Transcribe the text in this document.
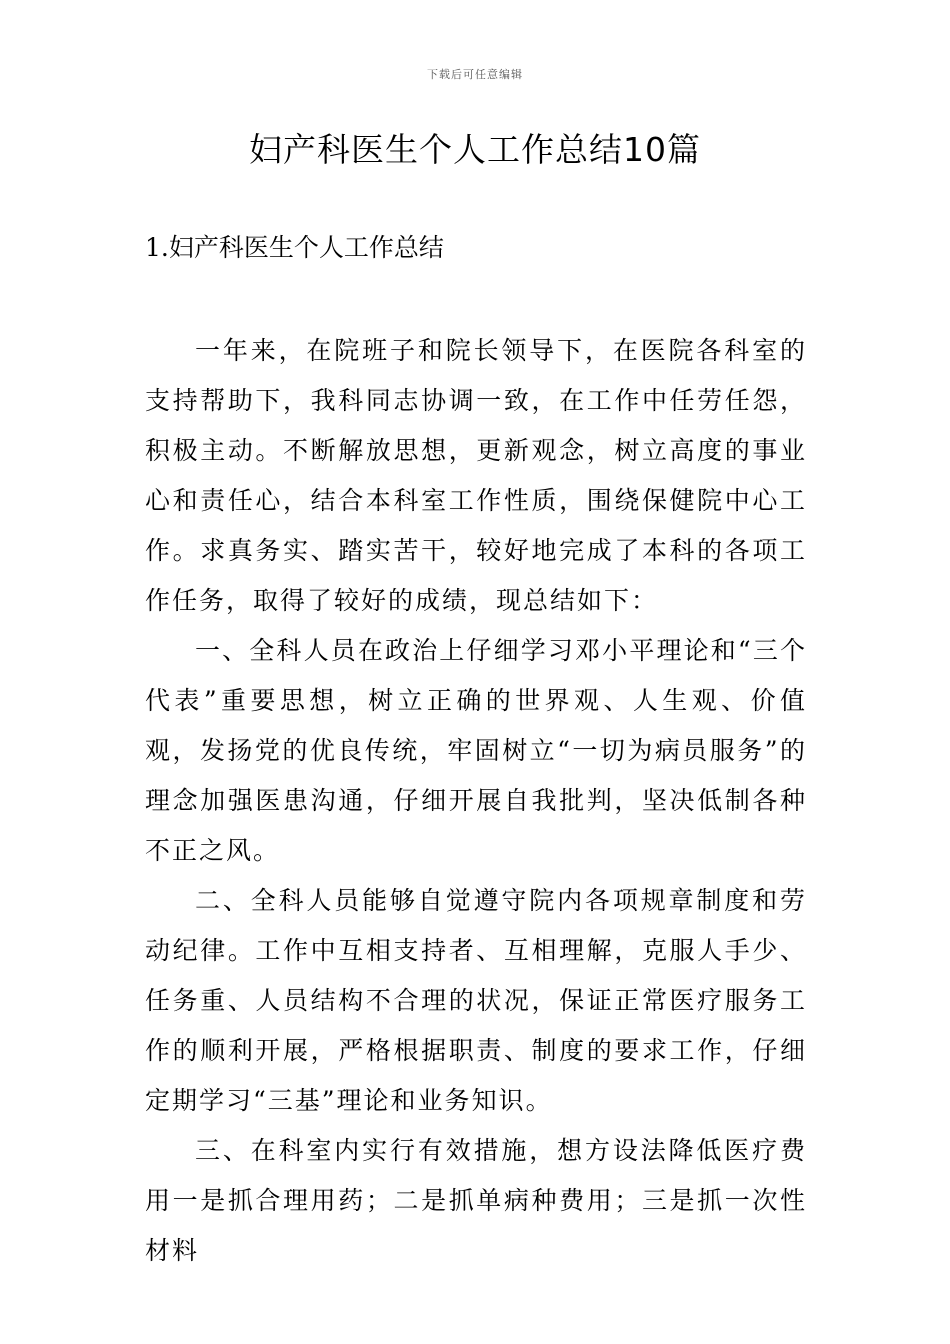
下载后可任意编辑
妇产科医生个人工作总结10篇
1.妇产科医生个人工作总结

一年来，在院班子和院长领导下，在医院各科室的支持帮助下，我科同志协调一致，在工作中任劳任怨，积极主动。不断解放思想，更新观念，树立高度的事业心和责任心，结合本科室工作性质，围绕保健院中心工作。求真务实、踏实苦干，较好地完成了本科的各项工作任务，取得了较好的成绩，现总结如下：

一、全科人员在政治上仔细学习邓小平理论和“三个代表”重要思想，树立正确的世界观、人生观、价值观，发扬党的优良传统，牢固树立“一切为病员服务”的理念加强医患沟通，仔细开展自我批判，坚决低制各种不正之风。

二、全科人员能够自觉遵守院内各项规章制度和劳动纪律。工作中互相支持者、互相理解，克服人手少、任务重、人员结构不合理的状况，保证正常医疗服务工作的顺利开展，严格根据职责、制度的要求工作，仔细定期学习“三基”理论和业务知识。

三、在科室内实行有效措施，想方设法降低医疗费用一是抓合理用药；二是抓单病种费用；三是抓一次性材料
